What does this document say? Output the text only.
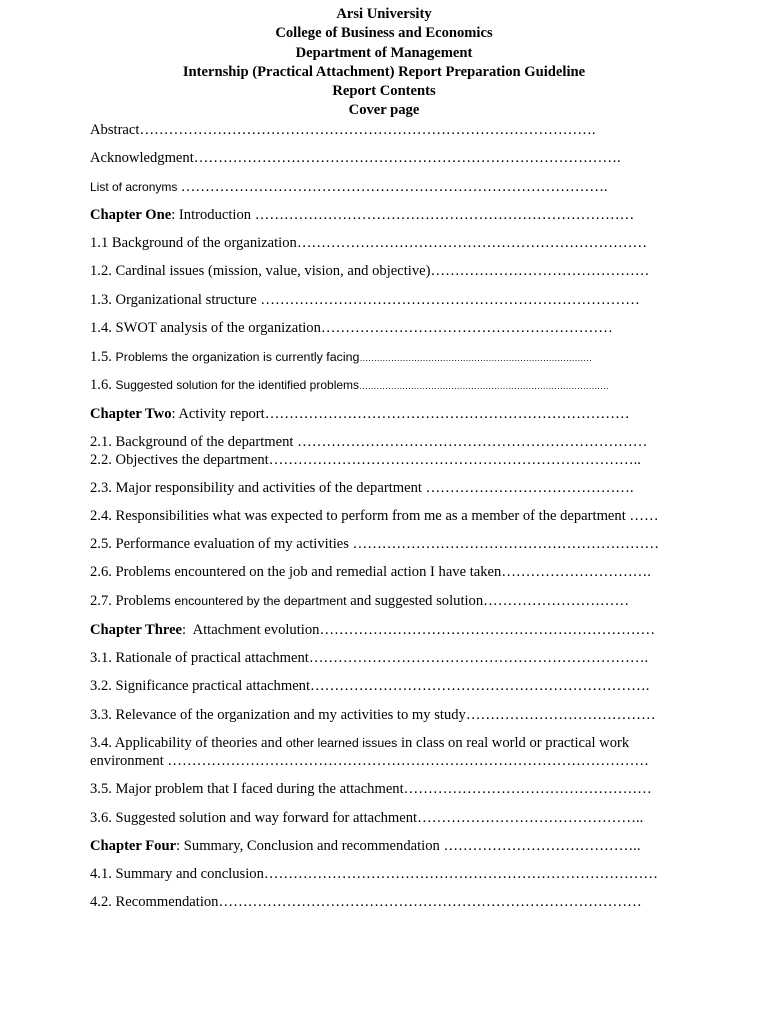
Arsi University
College of Business and Economics
Department of Management
Internship (Practical Attachment) Report Preparation Guideline
Report Contents
Cover page
Abstract………………………………………………………………………………….
Acknowledgment…………………………………………………………………………….
List of acronyms …………………………………………………………………………….
Chapter One: Introduction ……………………………………………………………………
1.1 Background of the organization………………………………………………………………
1.2. Cardinal issues (mission, value, vision, and objective)………………………………………
1.3. Organizational structure ……………………………………………………………………
1.4. SWOT analysis of the organization……………………………………………………
1.5. Problems the organization is currently facing………………………………………………………………………
1.6. Suggested solution for the identified problems……………………………………………………………………………
Chapter Two: Activity report…………………………………………………………………
2.1. Background of the department ………………………………………………………………
2.2. Objectives the department…………………………………………………………………..
2.3. Major responsibility and activities of the department …………………………………….
2.4. Responsibilities what was expected to perform from me as a member of the department ……
2.5. Performance evaluation of my activities ………………………………………………………
2.6. Problems encountered on the job and remedial action I have taken………………………….
2.7. Problems encountered by the department and suggested solution…………………………
Chapter Three:  Attachment evolution……………………………………………………………
3.1. Rationale of practical attachment…………………………………………………………….
3.2. Significance practical attachment…………………………………………………………….
3.3. Relevance of the organization and my activities to my study…………………………………
3.4. Applicability of theories and other learned issues in class on real world or practical work environment ………………………………………………………………………………………
3.5. Major problem that I faced during the attachment……………………………………………
3.6. Suggested solution and way forward for attachment………………………………………..
Chapter Four: Summary, Conclusion and recommendation …………………………………..
4.1. Summary and conclusion………………………………………………………………………
4.2. Recommendation……………………………………………………………………………
